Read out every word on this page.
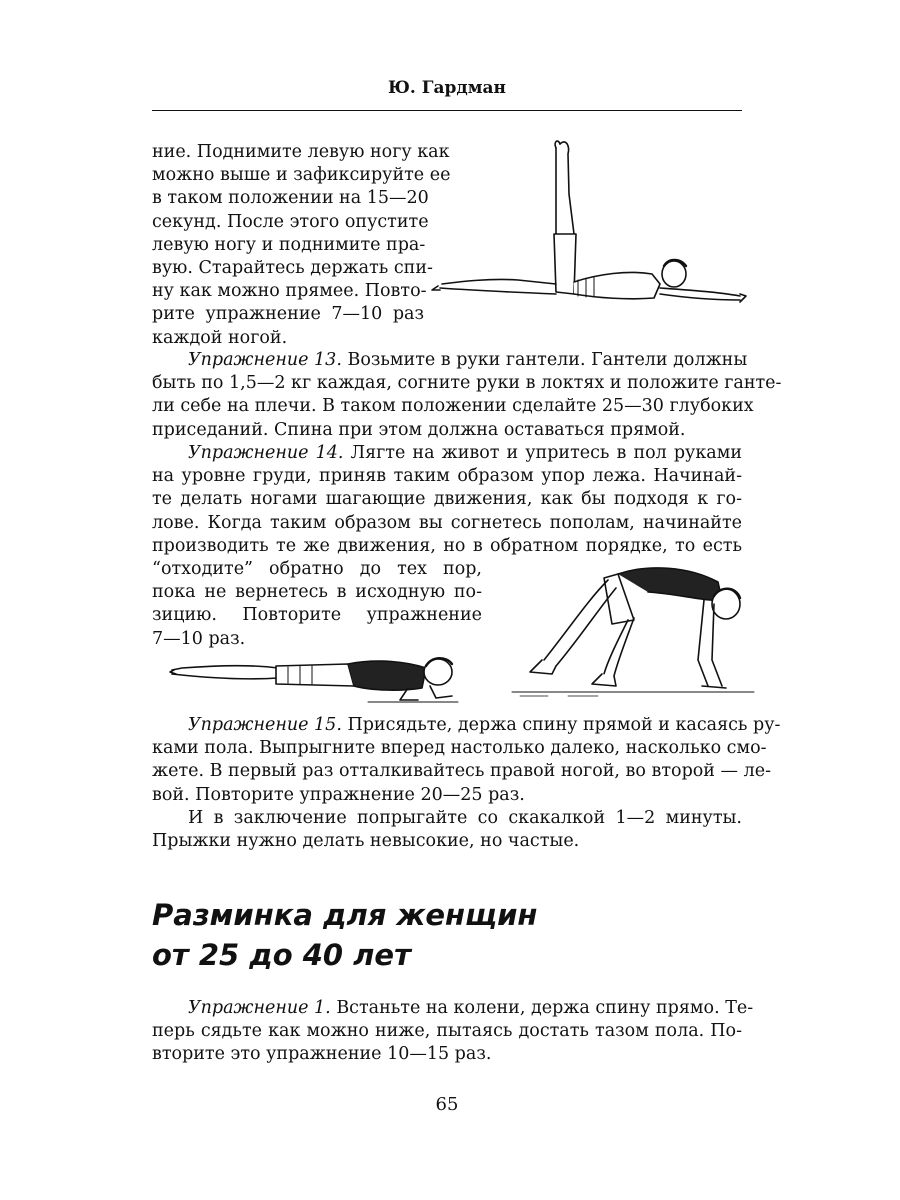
Ю. Гардман
ние. Поднимите левую ногу как
можно выше и зафиксируйте ее
в таком положении на 15—20
секунд. После этого опустите
левую ногу и поднимите пра-
вую. Старайтесь держать спи-
ну как можно прямее. Повто-
рите упражнение 7—10 раз
каждой ногой.
Упражнение 13. Возьмите в руки гантели. Гантели должны
быть по 1,5—2 кг каждая, согните руки в локтях и положите ганте-
ли себе на плечи. В таком положении сделайте 25—30 глубоких
приседаний. Спина при этом должна оставаться прямой.
Упражнение 14. Лягте на живот и упритесь в пол руками
на уровне груди, приняв таким образом упор лежа. Начинай-
те делать ногами шагающие движения, как бы подходя к го-
лове. Когда таким образом вы согнетесь пополам, начинайте
производить те же движения, но в обратном порядке, то есть
“отходите” обратно до тех пор,
пока не вернетесь в исходную по-
зицию. Повторите упражнение
7—10 раз.
Упражнение 15. Присядьте, держа спину прямой и касаясь ру-
ками пола. Выпрыгните вперед настолько далеко, насколько смо-
жете. В первый раз отталкивайтесь правой ногой, во второй — ле-
вой. Повторите упражнение 20—25 раз.
И в заключение попрыгайте со скакалкой 1—2 минуты.
Прыжки нужно делать невысокие, но частые.
Разминка для женщин
от 25 до 40 лет
Упражнение 1. Встаньте на колени, держа спину прямо. Те-
перь сядьте как можно ниже, пытаясь достать тазом пола. По-
вторите это упражнение 10—15 раз.
65
